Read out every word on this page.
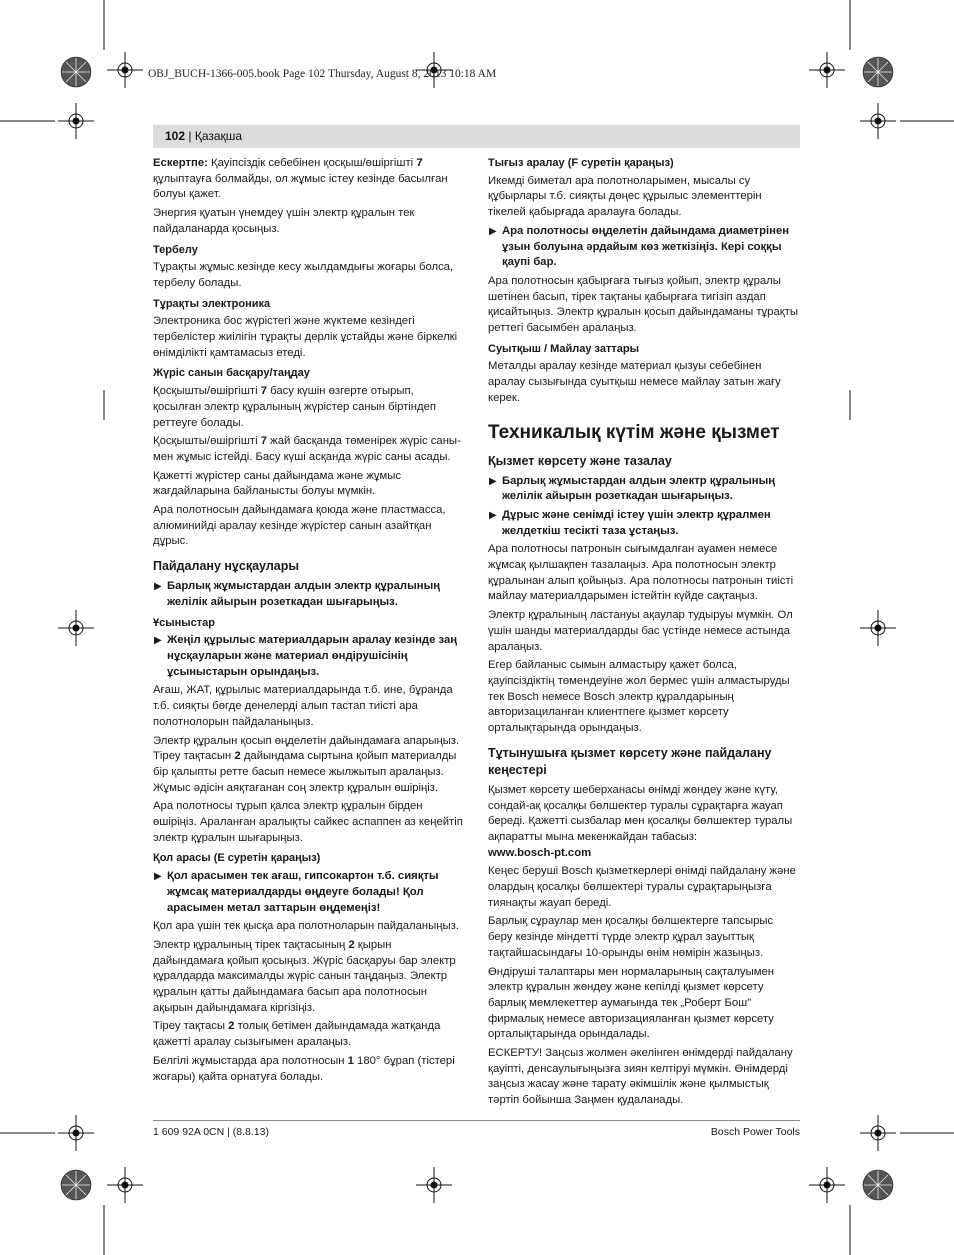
OBJ_BUCH-1366-005.book Page 102 Thursday, August 8, 2013 10:18 AM
102 | Қазақша

Ескертпе: Қауіпсіздік себебінен қосқыш/өшіргішті 7 құлыптауға болмайды, ол жұмыс істеу кезінде басылған болуы қажет.

Энергия қуатын үнемдеу үшін электр құралын тек пайдаланарда қосыңыз.

Тербелу

Тұрақты жұмыс кезінде кесу жылдамдығы жоғары болса, тербелу болады.

Тұрақты электроника

Электроника бос жүрістегі және жүктеме кезіндегі тербелістер жиілігін тұрақты дерлік ұстайды және біркелкі өнімділікті қамтамасыз етеді.

Жүріс санын басқару/таңдау

Қосқышты/өшіргішті 7 басу күшін өзгерте отырып, қосылған электр құралының жүрістер санын біртіндеп реттеуге болады.

Қосқышты/өшіргішті 7 жай басқанда төменірек жүріс саны-мен жұмыс істейді. Басу күші асқанда жүріс саны асады.

Қажетті жүрістер саны дайындама және жұмыс жағдайларына байланысты болуы мүмкін.

Ара полотносын дайындамаға қоюда және пластмасса, алюминийді аралау кезінде жүрістер санын азайтқан дұрыс.

Пайдалану нұсқаулары
▶ Барлық жұмыстардан алдын электр құралының желілік айырын розеткадан шығарыңыз.
Ұсыныстар
▶ Жеңіл құрылыс материалдарын аралау кезінде заң нұсқауларын және материал өндірушісінің ұсыныстарын орындаңыз.

Ағаш, ЖАТ, құрылыс материалдарында т.б. ине, бұранда т.б. сияқты бөгде денелерді алып тастап тиісті ара полотнолорын пайдаланыңыз.

Электр құралын қосып өңделетін дайындамаға апарыңыз. Тіреу тақтасын 2 дайындама сыртына қойып материалды бір қалыпты ретте басып немесе жылжытып аралаңыз. Жұмыс әдісін аяқтағанан соң электр құралын өшіріңіз.

Ара полотносы тұрып қалса электр құралын бірден өшіріңіз. Араланған аралықты сайкес аспаппен аз кеңейтіп электр құралын шығарыңыз.

Қол арасы (Е суретін қараңыз)
▶ Қол арасымен тек ағаш, гипсокартон т.б. сияқты жұмсақ материалдарды өңдеуге болады! Қол арасымен метал заттарын өңдемеңіз!

Қол ара үшін тек қысқа ара полотноларын пайдаланыңыз.

Электр құралының тірек тақтасының 2 қырын дайындамаға қойып қосыңыз. Жүріс басқаруы бар электр құралдарда максималды жүріс санын таңдаңыз. Электр құралын қатты дайындамаға басып ара полотносын ақырын дайындамаға кіргізіңіз.

Тіреу тақтасы 2 толық бетімен дайындамада жатқанда қажетті аралау сызығымен аралаңыз.

Белгілі жұмыстарда ара полотносын 1 180° бұрап (тістері жоғары) қайта орнатуға болады.

Тығыз аралау (F суретін қараңыз)

Икемді биметал ара полотноларымен, мысалы су құбырлары т.б. сияқты дөңес құрылыс элементтерін тікелей қабырғада аралауға болады.

▶ Ара полотносы өңделетін дайындама диаметрінен ұзын болуына әрдайым көз жеткізіңіз. Кері соққы қаупі бар.

Ара полотносын қабырғаға тығыз қойып, электр құралы шетінен басып, тірек тақтаны қабырғаға тигізіп аздап қисайтыңыз. Электр құралын қосып дайындаманы тұрақты реттегі басымбен аралаңыз.

Суытқыш / Майлау заттары

Металды аралау кезінде материал қызуы себебінен аралау сызығында суытқыш немесе майлау затын жағу керек.

Техникалық күтім және қызмет
Қызмет көрсету және тазалау
▶ Барлық жұмыстардан алдын электр құралының желілік айырын розеткадан шығарыңыз.
▶ Дұрыс және сенімді істеу үшін электр құралмен желдеткіш тесікті таза ұстаңыз.

Ара полотносы патронын сығымдалған ауамен немесе жұмсақ қылшақпен тазалаңыз. Ара полотносын электр құралынан алып қойыңыз. Ара полотносы патронын тиісті майлау материалдарымен істейтін күйде сақтаңыз.

Электр құралының ластануы ақаулар тудыруы мүмкін. Ол үшін шанды материалдарды бас үстінде немесе астында аралаңыз.

Егер байланыс сымын алмастыру қажет болса, қауіпсіздіктің төмендеуіне жол бермес үшін алмастыруды тек Bosch немесе Bosch электр құралдарының авторизациланған клиентпеге қызмет көрсету орталықтарында орындаңыз.

Тұтынушыға қызмет көрсету және пайдалану кеңестері

Қызмет көрсету шеберханасы өнімді жөндеу және күту, сондай-ақ қосалқы бөлшектер туралы сұрақтарға жауап береді. Қажетті сызбалар мен қосалқы бөлшектер туралы ақпаратты мына мекенжайдан табасыз:
www.bosch-pt.com

Кеңес беруші Bosch қызметкерлері өнімді пайдалану және олардың қосалқы бөлшектері туралы сұрақтарыңызға тиянақты жауап береді.

Барлық сұраулар мен қосалқы бөлшектерге тапсырыс беру кезінде міндетті түрде электр құрал зауыттық тақтайшасындағы 10-орынды өнім нөмірін жазыңыз.

Өндіруші талаптары мен нормаларының сақталуымен электр құралын жөндеу және кепілді қызмет көрсету барлық мемлекеттер аумағында тек „Роберт Бош" фирмалық немесе авторизацияланған қызмет көрсету орталықтарында орындалады.

ЕСКЕРТУ! Заңсыз жолмен әкелінген өнімдерді пайдалану қауіпті, денсаулығыңызға зиян келтіруі мүмкін. Өнімдерді заңсыз жасау және тарату әкімшілік және қылмыстық тәртіп бойынша Заңмен қудаланады.

1 609 92A 0CN | (8.8.13)	Bosch Power Tools
